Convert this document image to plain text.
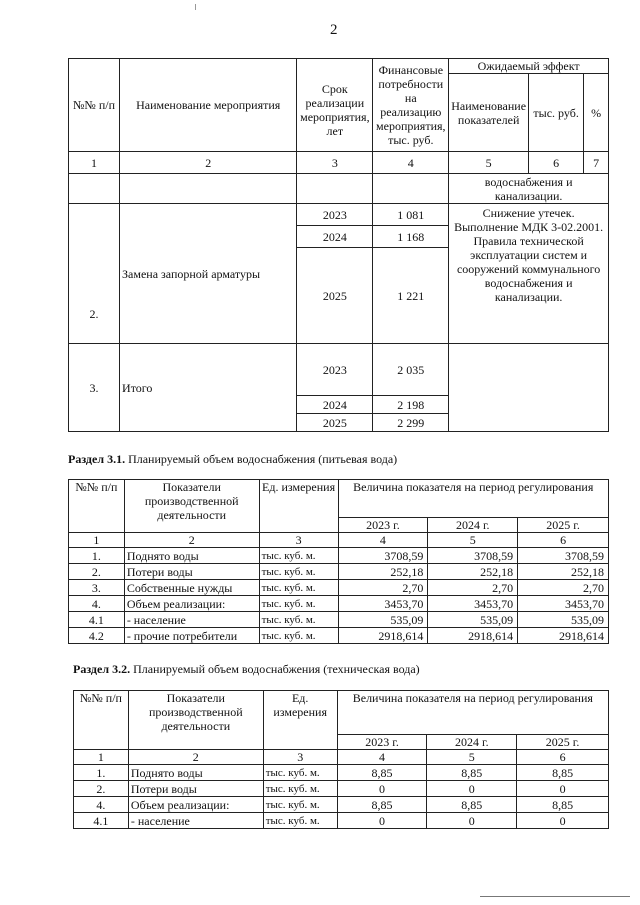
2
№№ п/п	Наименование мероприятия	Срок реализации мероприятия, лет	Финансовые потребности на реализацию мероприятия, тыс. руб.	Ожидаемый эффект		
				Наименование показателей	тыс. руб.	%
1	2	3	4	5	6	7
				водоснабжения и канализации.		
2.	Замена запорной арматуры	2023	1 081	Снижение утечек. Выполнение МДК 3-02.2001. Правила технической эксплуатации систем и сооружений коммунального водоснабжения и канализации.		
		2024	1 168			
		2025	1 221			
3.	Итого	2023	2 035			
		2024	2 198			
		2025	2 299			
Раздел 3.1. Планируемый объем водоснабжения (питьевая вода)
№№ п/п	Показатели производственной деятельности	Ед. измерения	Величина показателя на период регулирования		
			2023 г.	2024 г.	2025 г.
1	2	3	4	5	6
1.	Поднято воды	тыс. куб. м.	3708,59	3708,59	3708,59
2.	Потери воды	тыс. куб. м.	252,18	252,18	252,18
3.	Собственные нужды	тыс. куб. м.	2,70	2,70	2,70
4.	Объем реализации:	тыс. куб. м.	3453,70	3453,70	3453,70
4.1	- население	тыс. куб. м.	535,09	535,09	535,09
4.2	- прочие потребители	тыс. куб. м.	2918,614	2918,614	2918,614
Раздел 3.2. Планируемый объем водоснабжения (техническая вода)
№№ п/п	Показатели производственной деятельности	Ед. измерения	Величина показателя на период регулирования		
			2023 г.	2024 г.	2025 г.
1	2	3	4	5	6
1.	Поднято воды	тыс. куб. м.	8,85	8,85	8,85
2.	Потери воды	тыс. куб. м.	0	0	0
4.	Объем реализации:	тыс. куб. м.	8,85	8,85	8,85
4.1	- население	тыс. куб. м.	0	0	0
